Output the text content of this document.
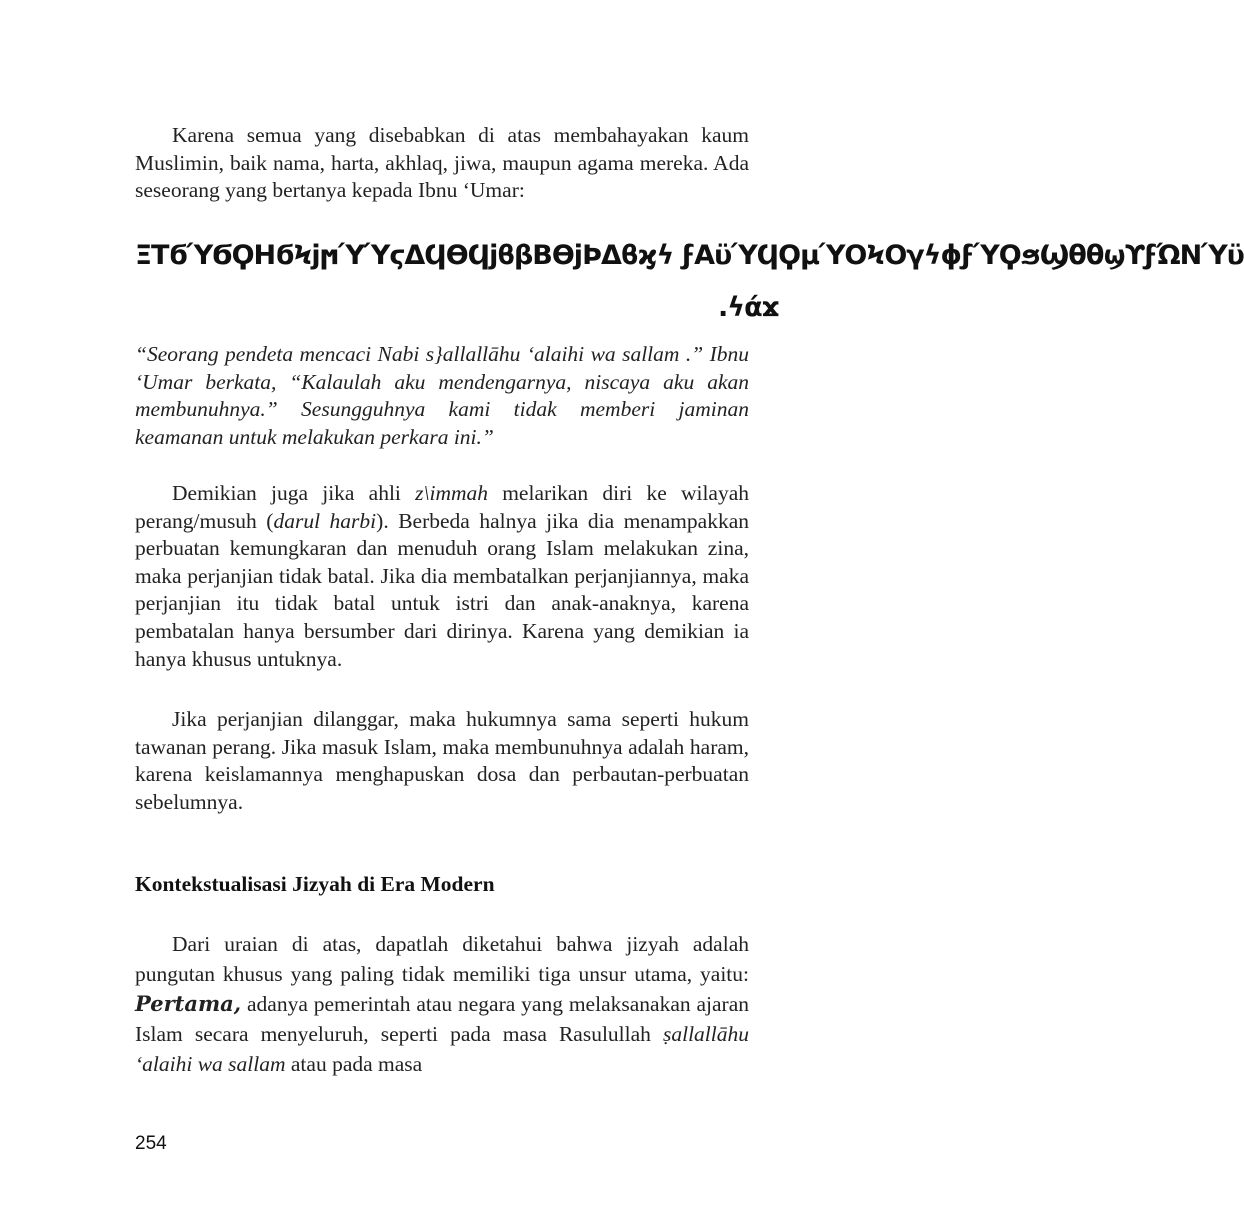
Karena semua yang disebabkan di atas membahayakan kaum Muslimin, baik nama, harta, akhlaq, jiwa, maupun agama mereka. Ada seseorang yang bertanya kepada Ibnu ‘Umar:
ΞΤϭΎϬϘΗϭϞϳϻΎΎϛΔϤϴϤϳϐβΒϴϳϷΔϐϗϟ ϝΑϋΎϤϘμΎΟϞΟγϟϕϝΎϘϧϢθθϣϒϝΏΝΎϋ
.ϟάϫ
“Seorang pendeta mencaci Nabi s}allallāhu ‘alaihi wa sallam .” Ibnu ‘Umar berkata, “Kalaulah aku mendengarnya, niscaya aku akan membunuhnya.” Sesungguhnya kami tidak memberi jaminan keamanan untuk melakukan perkara ini.”
Demikian juga jika ahli z\immah melarikan diri ke wilayah perang/musuh (darul harbi). Berbeda halnya jika dia menampakkan perbuatan kemungkaran dan menuduh orang Islam melakukan zina, maka perjanjian tidak batal. Jika dia membatalkan perjanjiannya, maka perjanjian itu tidak batal untuk istri dan anak-anaknya, karena pembatalan hanya bersumber dari dirinya. Karena yang demikian ia hanya khusus untuknya.
Jika perjanjian dilanggar, maka hukumnya sama seperti hukum tawanan perang. Jika masuk Islam, maka membunuhnya adalah haram, karena keislamannya menghapuskan dosa dan perbautan-perbuatan sebelumnya.
Kontekstualisasi Jizyah di Era Modern
Dari uraian di atas, dapatlah diketahui bahwa jizyah adalah pungutan khusus yang paling tidak memiliki tiga unsur utama, yaitu: Pertama, adanya pemerintah atau negara yang melaksanakan ajaran Islam secara menyeluruh, seperti pada masa Rasulullah ṣallallāhu ‘alaihi wa sallam atau pada masa
254
